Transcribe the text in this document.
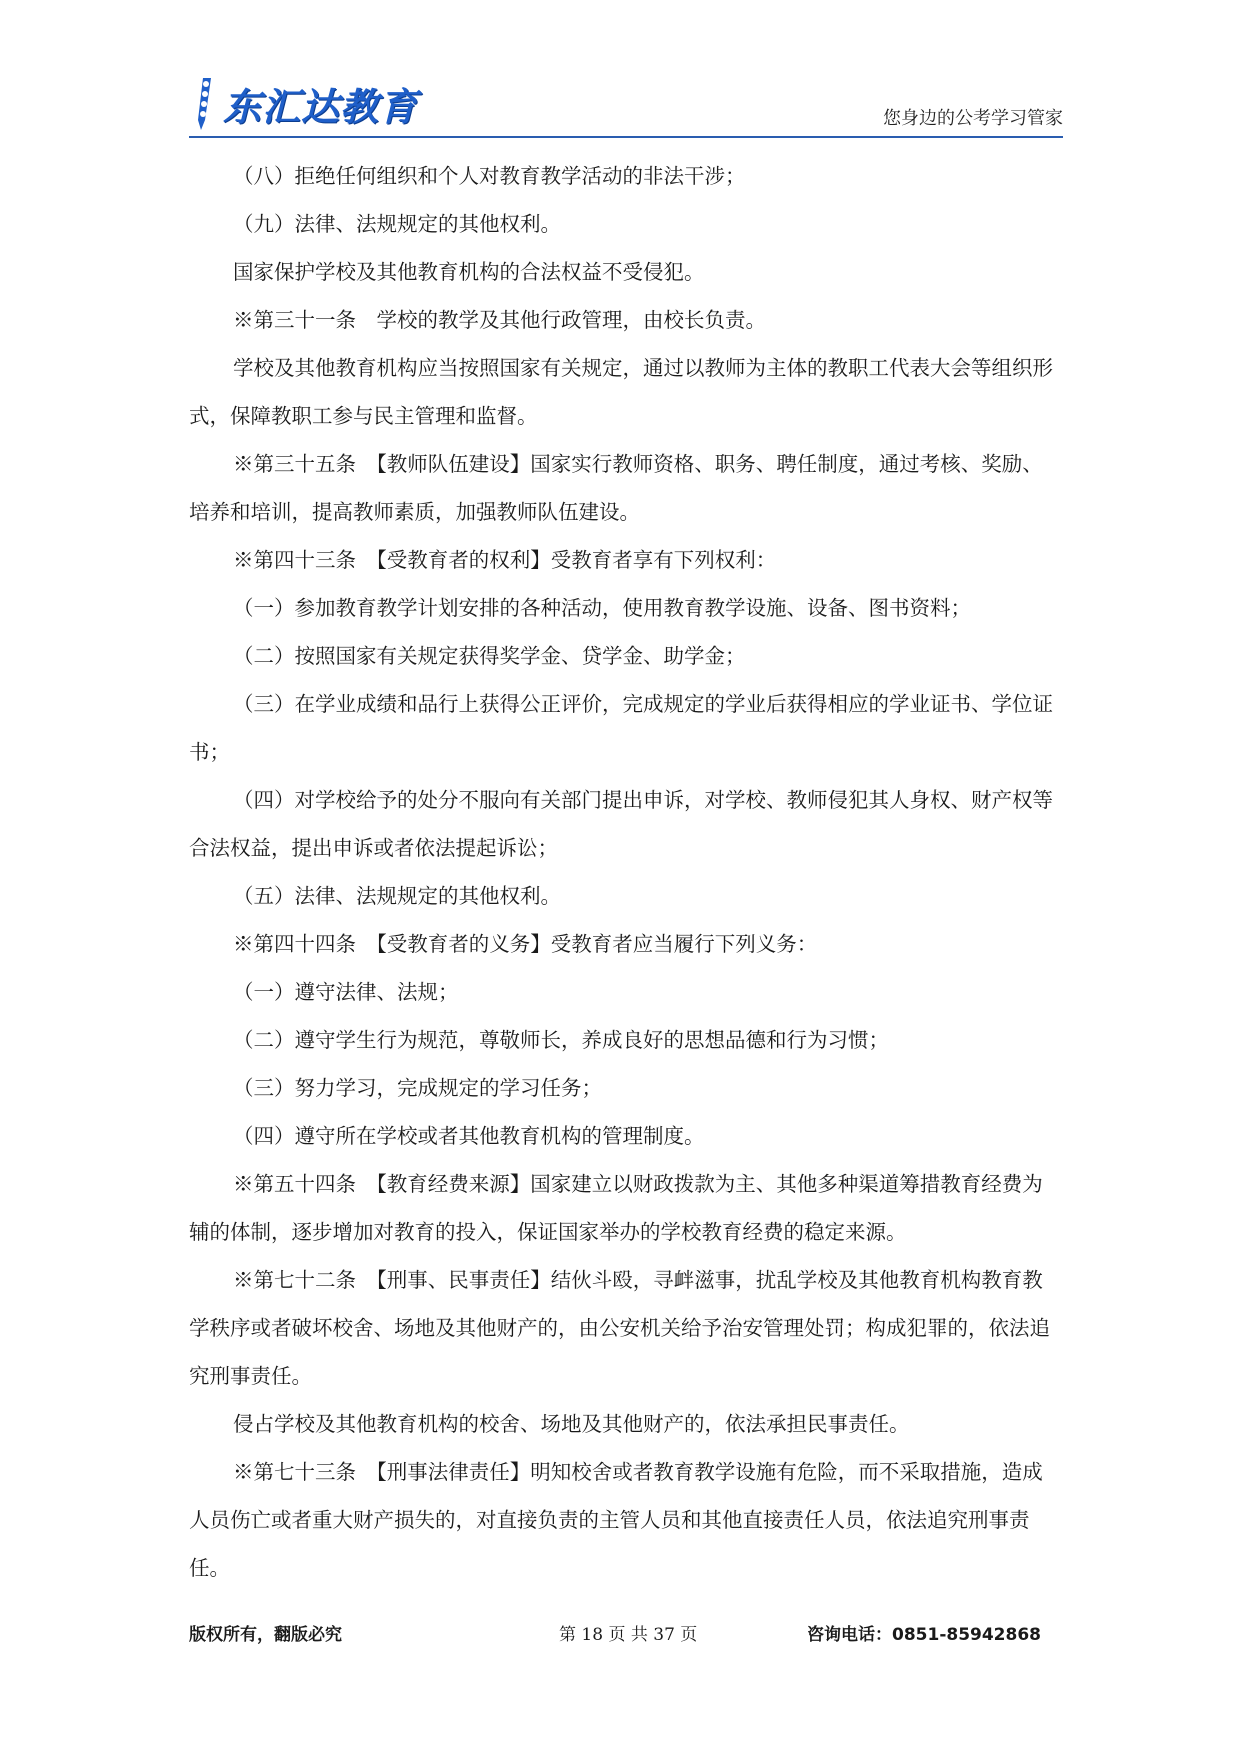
东汇达教育	您身边的公考学习管家

（八）拒绝任何组织和个人对教育教学活动的非法干涉；

（九）法律、法规规定的其他权利。

国家保护学校及其他教育机构的合法权益不受侵犯。

※第三十一条　学校的教学及其他行政管理，由校长负责。

学校及其他教育机构应当按照国家有关规定，通过以教师为主体的教职工代表大会等组织形式，保障教职工参与民主管理和监督。

※第三十五条　【教师队伍建设】国家实行教师资格、职务、聘任制度，通过考核、奖励、培养和培训，提高教师素质，加强教师队伍建设。

※第四十三条　【受教育者的权利】受教育者享有下列权利：

（一）参加教育教学计划安排的各种活动，使用教育教学设施、设备、图书资料；

（二）按照国家有关规定获得奖学金、贷学金、助学金；

（三）在学业成绩和品行上获得公正评价，完成规定的学业后获得相应的学业证书、学位证书；

（四）对学校给予的处分不服向有关部门提出申诉，对学校、教师侵犯其人身权、财产权等合法权益，提出申诉或者依法提起诉讼；

（五）法律、法规规定的其他权利。

※第四十四条　【受教育者的义务】受教育者应当履行下列义务：

（一）遵守法律、法规；

（二）遵守学生行为规范，尊敬师长，养成良好的思想品德和行为习惯；

（三）努力学习，完成规定的学习任务；

（四）遵守所在学校或者其他教育机构的管理制度。

※第五十四条　【教育经费来源】国家建立以财政拨款为主、其他多种渠道筹措教育经费为辅的体制，逐步增加对教育的投入，保证国家举办的学校教育经费的稳定来源。

※第七十二条　【刑事、民事责任】结伙斗殴，寻衅滋事，扰乱学校及其他教育机构教育教学秩序或者破坏校舍、场地及其他财产的，由公安机关给予治安管理处罚；构成犯罪的，依法追究刑事责任。

侵占学校及其他教育机构的校舍、场地及其他财产的，依法承担民事责任。

※第七十三条　【刑事法律责任】明知校舍或者教育教学设施有危险，而不采取措施，造成人员伤亡或者重大财产损失的，对直接负责的主管人员和其他直接责任人员，依法追究刑事责任。

版权所有，翻版必究	第 18 页 共 37 页	咨询电话：0851-85942868
